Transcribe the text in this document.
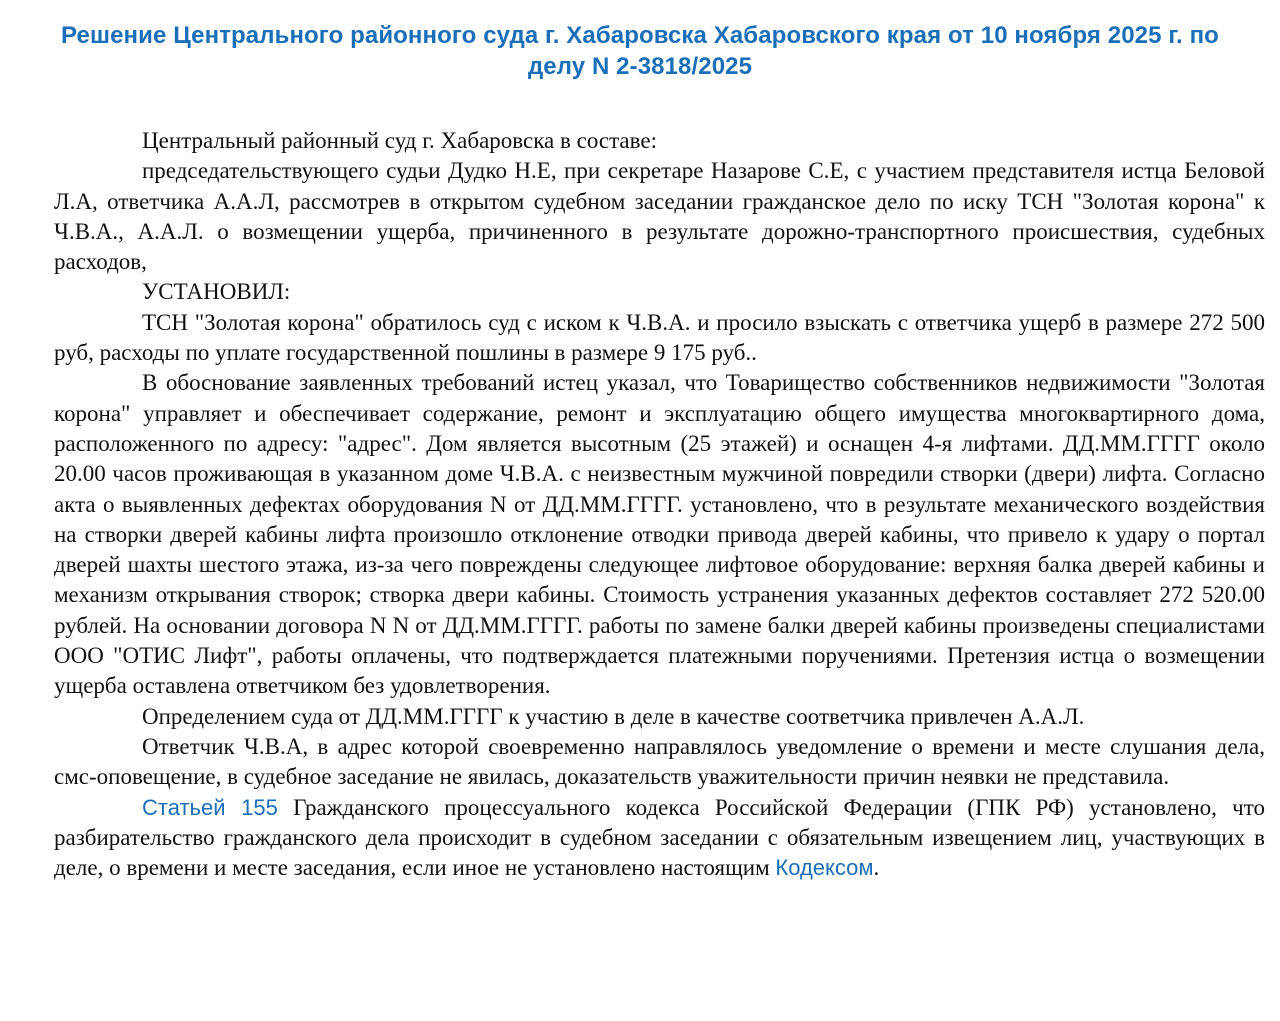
Решение Центрального районного суда г. Хабаровска Хабаровского края от 10 ноября 2025 г. по делу N 2-3818/2025

Центральный районный суд г. Хабаровска в составе:

председательствующего судьи Дудко Н.Е, при секретаре Назарове С.Е, с участием представителя истца Беловой Л.А, ответчика А.А.Л, рассмотрев в открытом судебном заседании гражданское дело по иску ТСН "Золотая корона" к Ч.В.А., А.А.Л. о возмещении ущерба, причиненного в результате дорожно-транспортного происшествия, судебных расходов,

УСТАНОВИЛ:

ТСН "Золотая корона" обратилось суд с иском к Ч.В.А. и просило взыскать с ответчика ущерб в размере 272 500 руб, расходы по уплате государственной пошлины в размере 9 175 руб..

В обоснование заявленных требований истец указал, что Товарищество собственников недвижимости "Золотая корона" управляет и обеспечивает содержание, ремонт и эксплуатацию общего имущества многоквартирного дома, расположенного по адресу: "адрес". Дом является высотным (25 этажей) и оснащен 4-я лифтами. ДД.ММ.ГГГГ около 20.00 часов проживающая в указанном доме Ч.В.А. с неизвестным мужчиной повредили створки (двери) лифта. Согласно акта о выявленных дефектах оборудования N от ДД.ММ.ГГГГ. установлено, что в результате механического воздействия на створки дверей кабины лифта произошло отклонение отводки привода дверей кабины, что привело к удару о портал дверей шахты шестого этажа, из-за чего повреждены следующее лифтовое оборудование: верхняя балка дверей кабины и механизм открывания створок; створка двери кабины. Стоимость устранения указанных дефектов составляет 272 520.00 рублей. На основании договора N N от ДД.ММ.ГГГГ. работы по замене балки дверей кабины произведены специалистами ООО "ОТИС Лифт", работы оплачены, что подтверждается платежными поручениями. Претензия истца о возмещении ущерба оставлена ответчиком без удовлетворения.

Определением суда от ДД.ММ.ГГГГ к участию в деле в качестве соответчика привлечен А.А.Л.

Ответчик Ч.В.А, в адрес которой своевременно направлялось уведомление о времени и месте слушания дела, смс-оповещение, в судебное заседание не явилась, доказательств уважительности причин неявки не представила.

Статьей 155 Гражданского процессуального кодекса Российской Федерации (ГПК РФ) установлено, что разбирательство гражданского дела происходит в судебном заседании с обязательным извещением лиц, участвующих в деле, о времени и месте заседания, если иное не установлено настоящим Кодексом.
